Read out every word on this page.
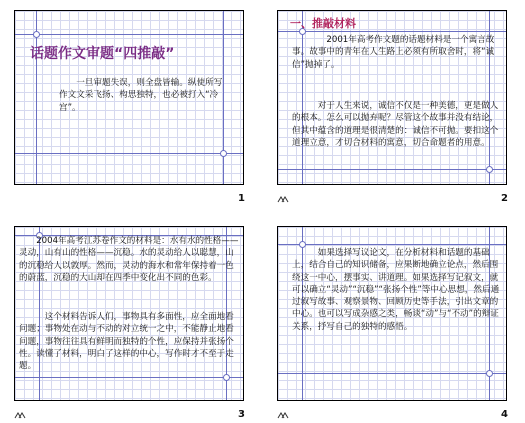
话题作文审题“四推敲”

一旦审题失误，则全盘皆输。纵使所写作文文采飞扬、构思独特，也必被打入“冷宫”。

1
一、推敲材料

2001年高考作文题的话题材料是一个寓言故事。故事中的青年在人生路上必须有所取舍时，将“诚信”抛掉了。

对于人生来说，诚信不仅是一种美德，更是做人的根本。怎么可以抛弃呢？尽管这个故事并没有结论，但其中蕴含的道理是很清楚的：诚信不可抛。要扣这个道理立意，才切合材料的寓意，切合命题者的用意。

2

2004年高考江苏卷作文的材料是：水有水的性格——灵动，山有山的性格——沉稳。水的灵动给人以聪慧，山的沉稳给人以敦厚。然而，灵动的海水和常年保持着一色的蔚蓝，沉稳的大山却在四季中变化出不同的色彩。

这个材料告诉人们，事物具有多面性，应全面地看问题；事物处在动与不动的对立统一之中，不能静止地看问题，事物往往具有鲜明而独特的个性，应保持并张扬个性。读懂了材料，明白了这样的中心，写作时才不至于走题。

3

如果选择写议论文，在分析材料和话题的基础上，结合自己的知识储备，应果断地确立论点，然后围绕这一中心，摆事实、讲道理。如果选择写记叙文，就可以确立“灵动”“沉稳”“张扬个性”等中心思想，然后通过叙写故事、观察景物、回顾历史等手法，引出文章的中心。也可以写成杂感之类，畅谈“动”与“不动”的辩证关系，抒写自己的独特的感悟。

4
